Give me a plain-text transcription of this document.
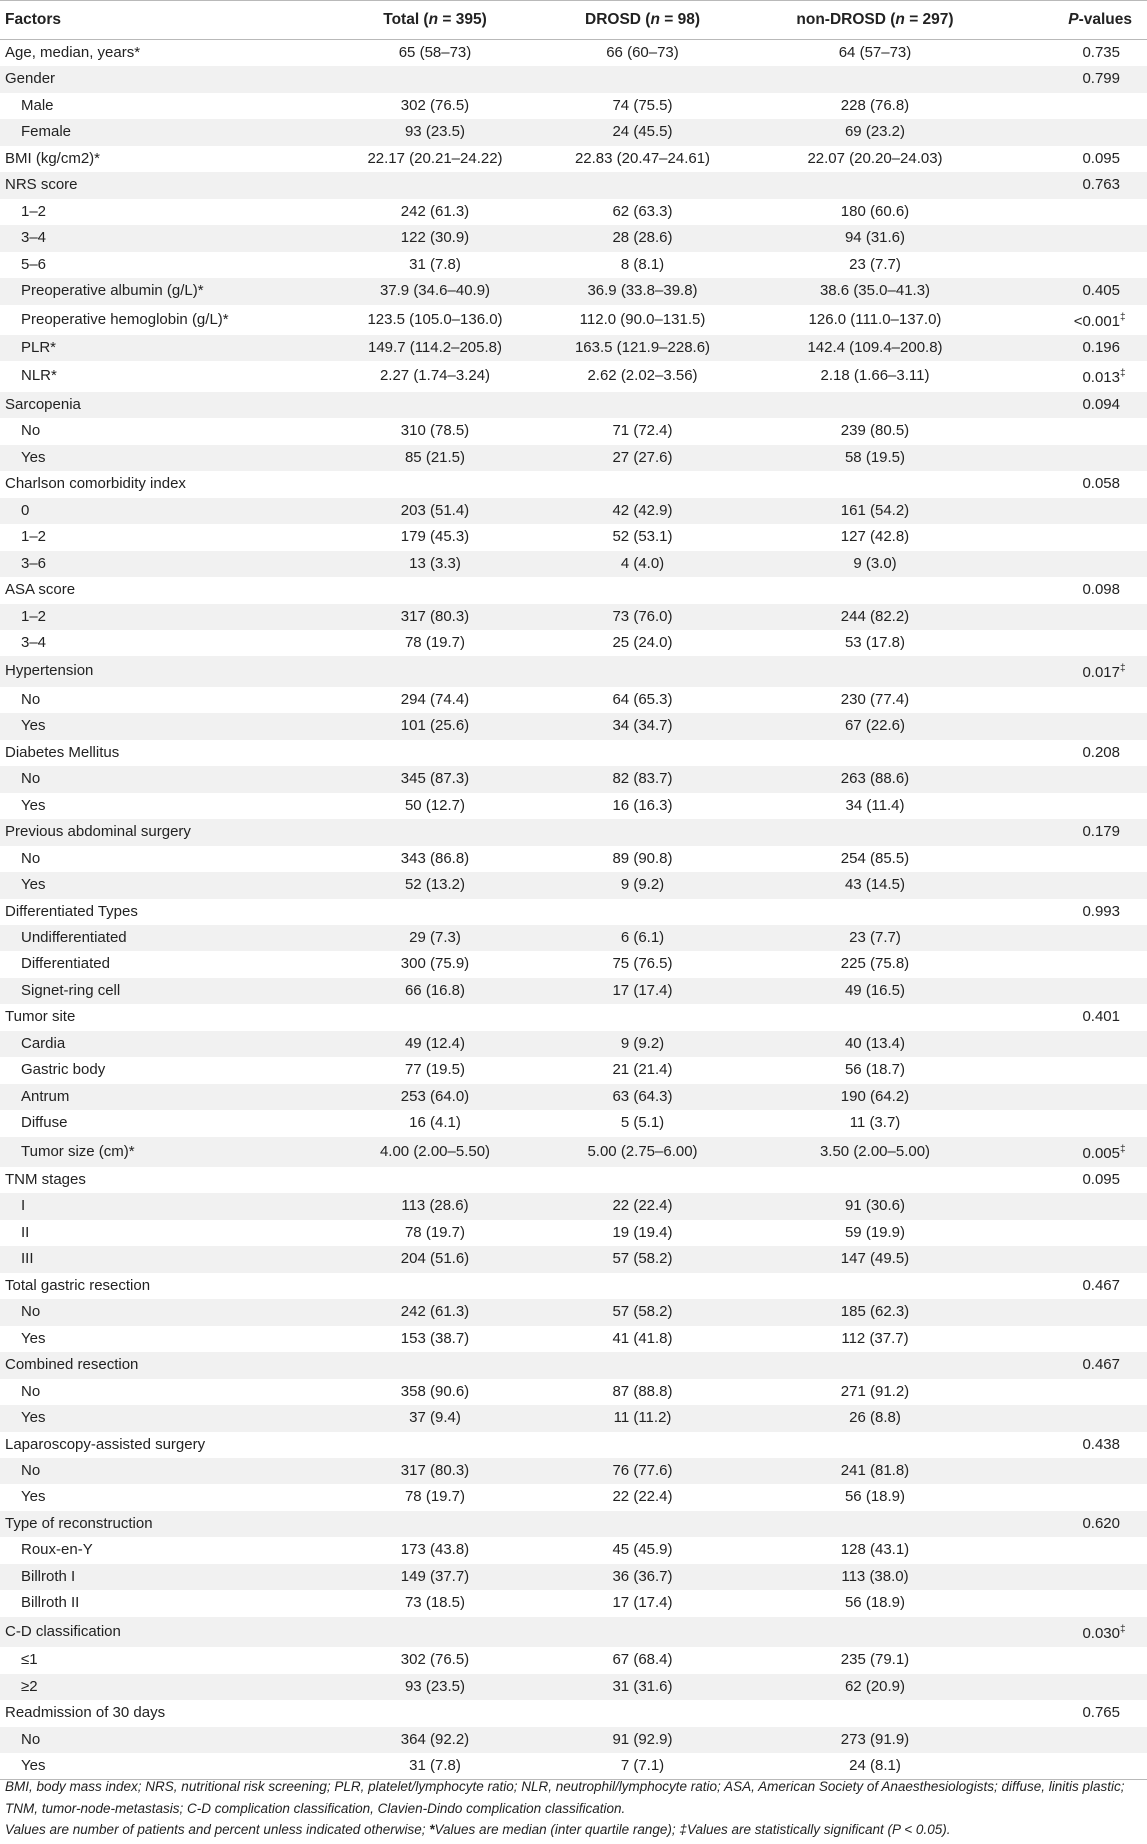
Factors	Total (n = 395)	DROSD (n = 98)	non-DROSD (n = 297)	P-values
Age, median, years*	65 (58–73)	66 (60–73)	64 (57–73)	0.735
Gender				0.799
Male	302 (76.5)	74 (75.5)	228 (76.8)	
Female	93 (23.5)	24 (45.5)	69 (23.2)	
BMI (kg/cm2)*	22.17 (20.21–24.22)	22.83 (20.47–24.61)	22.07 (20.20–24.03)	0.095
NRS score				0.763
1–2	242 (61.3)	62 (63.3)	180 (60.6)	
3–4	122 (30.9)	28 (28.6)	94 (31.6)	
5–6	31 (7.8)	8 (8.1)	23 (7.7)	
Preoperative albumin (g/L)*	37.9 (34.6–40.9)	36.9 (33.8–39.8)	38.6 (35.0–41.3)	0.405
Preoperative hemoglobin (g/L)*	123.5 (105.0–136.0)	112.0 (90.0–131.5)	126.0 (111.0–137.0)	<0.001‡
PLR*	149.7 (114.2–205.8)	163.5 (121.9–228.6)	142.4 (109.4–200.8)	0.196
NLR*	2.27 (1.74–3.24)	2.62 (2.02–3.56)	2.18 (1.66–3.11)	0.013‡
Sarcopenia				0.094
No	310 (78.5)	71 (72.4)	239 (80.5)	
Yes	85 (21.5)	27 (27.6)	58 (19.5)	
Charlson comorbidity index				0.058
0	203 (51.4)	42 (42.9)	161 (54.2)	
1–2	179 (45.3)	52 (53.1)	127 (42.8)	
3–6	13 (3.3)	4 (4.0)	9 (3.0)	
ASA score				0.098
1–2	317 (80.3)	73 (76.0)	244 (82.2)	
3–4	78 (19.7)	25 (24.0)	53 (17.8)	
Hypertension				0.017‡
No	294 (74.4)	64 (65.3)	230 (77.4)	
Yes	101 (25.6)	34 (34.7)	67 (22.6)	
Diabetes Mellitus				0.208
No	345 (87.3)	82 (83.7)	263 (88.6)	
Yes	50 (12.7)	16 (16.3)	34 (11.4)	
Previous abdominal surgery				0.179
No	343 (86.8)	89 (90.8)	254 (85.5)	
Yes	52 (13.2)	9 (9.2)	43 (14.5)	
Differentiated Types				0.993
Undifferentiated	29 (7.3)	6 (6.1)	23 (7.7)	
Differentiated	300 (75.9)	75 (76.5)	225 (75.8)	
Signet-ring cell	66 (16.8)	17 (17.4)	49 (16.5)	
Tumor site				0.401
Cardia	49 (12.4)	9 (9.2)	40 (13.4)	
Gastric body	77 (19.5)	21 (21.4)	56 (18.7)	
Antrum	253 (64.0)	63 (64.3)	190 (64.2)	
Diffuse	16 (4.1)	5 (5.1)	11 (3.7)	
Tumor size (cm)*	4.00 (2.00–5.50)	5.00 (2.75–6.00)	3.50 (2.00–5.00)	0.005‡
TNM stages				0.095
I	113 (28.6)	22 (22.4)	91 (30.6)	
II	78 (19.7)	19 (19.4)	59 (19.9)	
III	204 (51.6)	57 (58.2)	147 (49.5)	
Total gastric resection				0.467
No	242 (61.3)	57 (58.2)	185 (62.3)	
Yes	153 (38.7)	41 (41.8)	112 (37.7)	
Combined resection				0.467
No	358 (90.6)	87 (88.8)	271 (91.2)	
Yes	37 (9.4)	11 (11.2)	26 (8.8)	
Laparoscopy-assisted surgery				0.438
No	317 (80.3)	76 (77.6)	241 (81.8)	
Yes	78 (19.7)	22 (22.4)	56 (18.9)	
Type of reconstruction				0.620
Roux-en-Y	173 (43.8)	45 (45.9)	128 (43.1)	
Billroth I	149 (37.7)	36 (36.7)	113 (38.0)	
Billroth II	73 (18.5)	17 (17.4)	56 (18.9)	
C-D classification				0.030‡
≤1	302 (76.5)	67 (68.4)	235 (79.1)	
≥2	93 (23.5)	31 (31.6)	62 (20.9)	
Readmission of 30 days				0.765
No	364 (92.2)	91 (92.9)	273 (91.9)	
Yes	31 (7.8)	7 (7.1)	24 (8.1)	

BMI, body mass index; NRS, nutritional risk screening; PLR, platelet/lymphocyte ratio; NLR, neutrophil/lymphocyte ratio; ASA, American Society of Anaesthesiologists; diffuse, linitis plastic; TNM, tumor-node-metastasis; C-D complication classification, Clavien-Dindo complication classification.

Values are number of patients and percent unless indicated otherwise; *Values are median (inter quartile range); ‡Values are statistically significant (P < 0.05).
